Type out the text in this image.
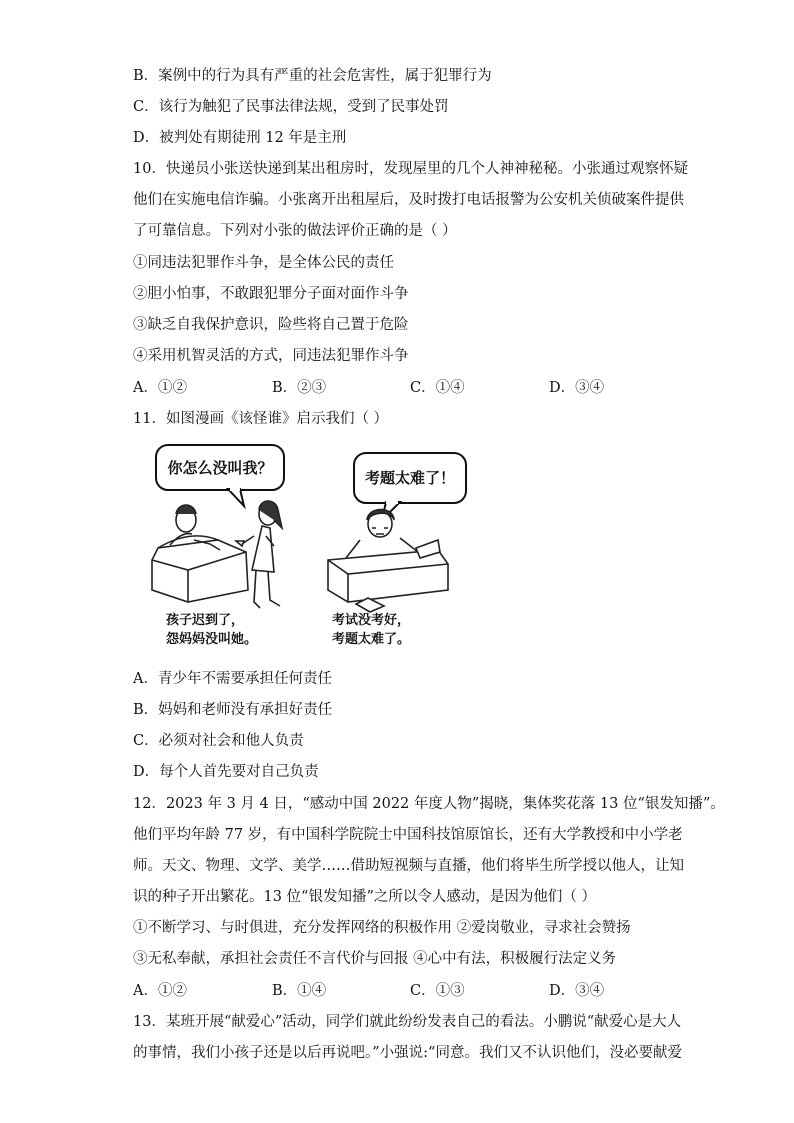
B．案例中的行为具有严重的社会危害性，属于犯罪行为
C．该行为触犯了民事法律法规，受到了民事处罚
D．被判处有期徒刑 12 年是主刑
10．快递员小张送快递到某出租房时，发现屋里的几个人神神秘秘。小张通过观察怀疑
他们在实施电信诈骗。小张离开出租屋后，及时拨打电话报警为公安机关侦破案件提供
了可靠信息。下列对小张的做法评价正确的是（ ）
①同违法犯罪作斗争，是全体公民的责任
②胆小怕事，不敢跟犯罪分子面对面作斗争
③缺乏自我保护意识，险些将自己置于危险
④采用机智灵活的方式，同违法犯罪作斗争
A．①②	B．②③	C．①④	D．③④
11．如图漫画《该怪谁》启示我们（ ）
你怎么没叫我？
考题太难了！
孩子迟到了，
怨妈妈没叫她。
考试没考好，
考题太难了。
A．青少年不需要承担任何责任
B．妈妈和老师没有承担好责任
C．必须对社会和他人负责
D．每个人首先要对自己负责
12．2023 年 3 月 4 日，“感动中国 2022 年度人物”揭晓，集体奖花落 13 位“银发知播”。
他们平均年龄 77 岁，有中国科学院院士中国科技馆原馆长，还有大学教授和中小学老
师。天文、物理、文学、美学……借助短视频与直播，他们将毕生所学授以他人，让知
识的种子开出繁花。13 位“银发知播”之所以令人感动，是因为他们（ ）
①不断学习、与时俱进，充分发挥网络的积极作用 ②爱岗敬业，寻求社会赞扬
③无私奉献，承担社会责任不言代价与回报 ④心中有法，积极履行法定义务
A．①②	B．①④	C．①③	D．③④
13．某班开展“献爱心”活动，同学们就此纷纷发表自己的看法。小鹏说“献爱心是大人
的事情，我们小孩子还是以后再说吧。”小强说:“同意。我们又不认识他们，没必要献爱
